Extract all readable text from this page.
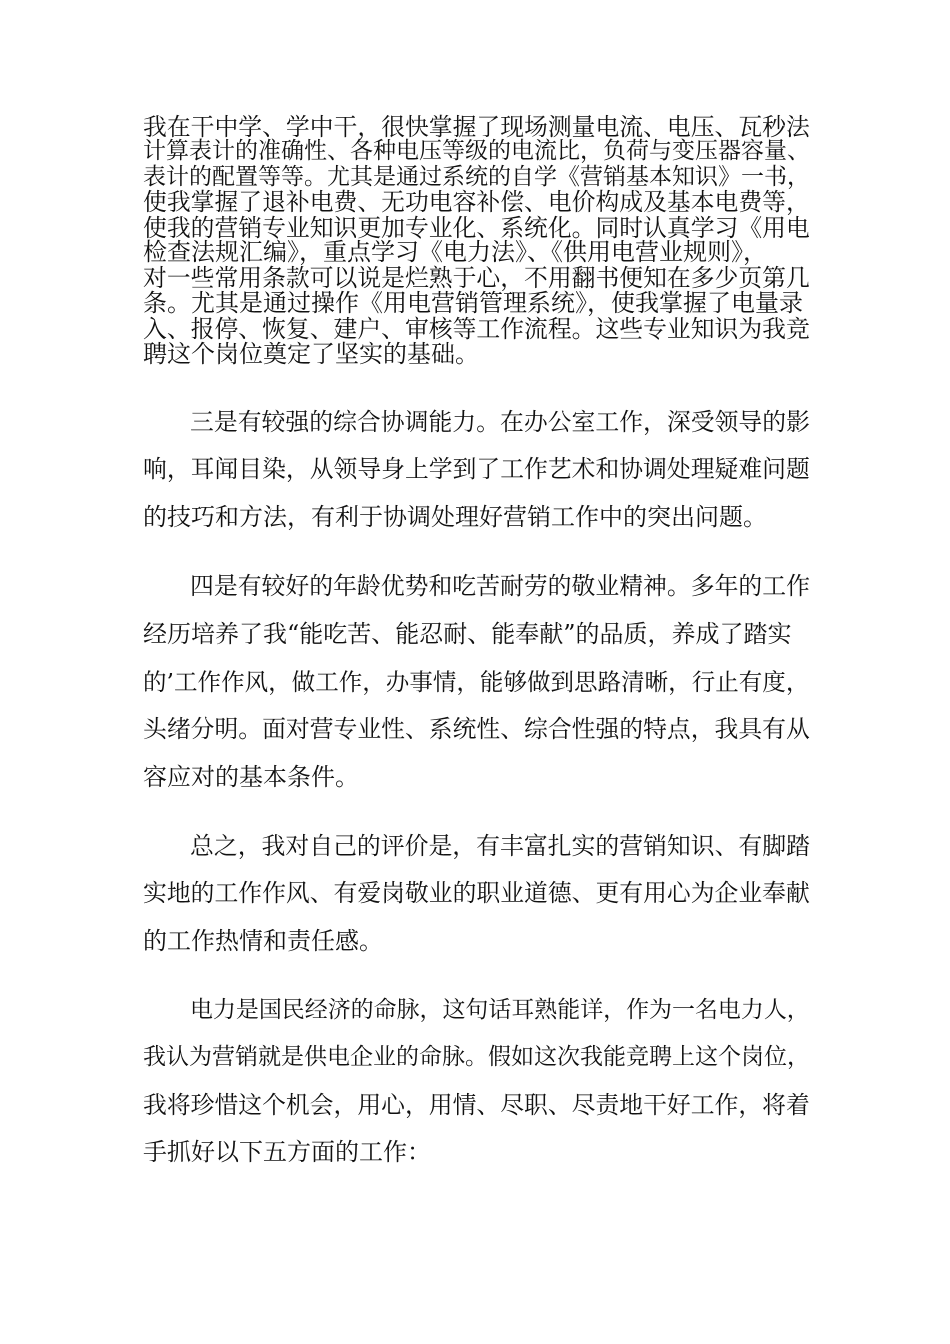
我在干中学、学中干，很快掌握了现场测量电流、电压、瓦秒法
计算表计的准确性、各种电压等级的电流比，负荷与变压器容量、
表计的配置等等。尤其是通过系统的自学《营销基本知识》一书，
使我掌握了退补电费、无功电容补偿、电价构成及基本电费等，
使我的营销专业知识更加专业化、系统化。同时认真学习《用电
检查法规汇编》，重点学习《电力法》、《供用电营业规则》，
对一些常用条款可以说是烂熟于心，不用翻书便知在多少页第几
条。尤其是通过操作《用电营销管理系统》，使我掌握了电量录
入、报停、恢复、建户、审核等工作流程。这些专业知识为我竞
聘这个岗位奠定了坚实的基础。
三是有较强的综合协调能力。在办公室工作，深受领导的影
响，耳闻目染，从领导身上学到了工作艺术和协调处理疑难问题
的技巧和方法，有利于协调处理好营销工作中的突出问题。
四是有较好的年龄优势和吃苦耐劳的敬业精神。多年的工作
经历培养了我“能吃苦、能忍耐、能奉献”的品质，养成了踏实
的’工作作风，做工作，办事情，能够做到思路清晰，行止有度，
头绪分明。面对营专业性、系统性、综合性强的特点，我具有从
容应对的基本条件。
总之，我对自己的评价是，有丰富扎实的营销知识、有脚踏
实地的工作作风、有爱岗敬业的职业道德、更有用心为企业奉献
的工作热情和责任感。
电力是国民经济的命脉，这句话耳熟能详，作为一名电力人，
我认为营销就是供电企业的命脉。假如这次我能竞聘上这个岗位，
我将珍惜这个机会，用心，用情、尽职、尽责地干好工作，将着
手抓好以下五方面的工作：
